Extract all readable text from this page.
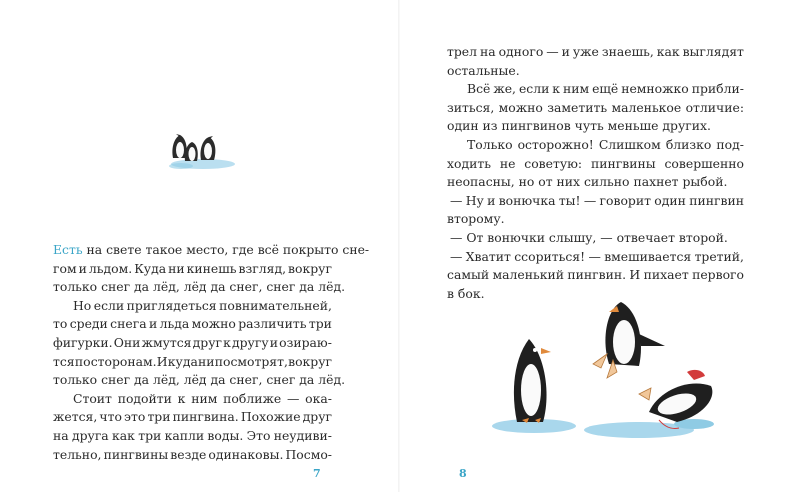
Есть на свете такое место, где всё покрыто сне-
гом и льдом. Куда ни кинешь взгляд, вокруг
только снег да лёд, лёд да снег, снег да лёд.
Но если приглядеться повнимательней,
то среди снега и льда можно различить три
фигурки. Они жмутся друг к другу и озираю-
тся по сторонам. И куда ни посмотрят, вокруг
только снег да лёд, лёд да снег, снег да лёд.
Стоит подойти к ним поближе — ока-
жется, что это три пингвина. Похожие друг
на друга как три капли воды. Это неудиви-
тельно, пингвины везде одинаковы. Посмо-
7
трел на одного — и уже знаешь, как выглядят
остальные.
Всё же, если к ним ещё немножко прибли-
зиться, можно заметить маленькое отличие:
один из пингвинов чуть меньше других.
Только осторожно! Слишком близко под-
ходить не советую: пингвины совершенно
неопасны, но от них сильно пахнет рыбой.
— Ну и вонючка ты! — говорит один пингвин
второму.
— От вонючки слышу, — отвечает второй.
— Хватит ссориться! — вмешивается третий,
самый маленький пингвин. И пихает первого
в бок.
8
